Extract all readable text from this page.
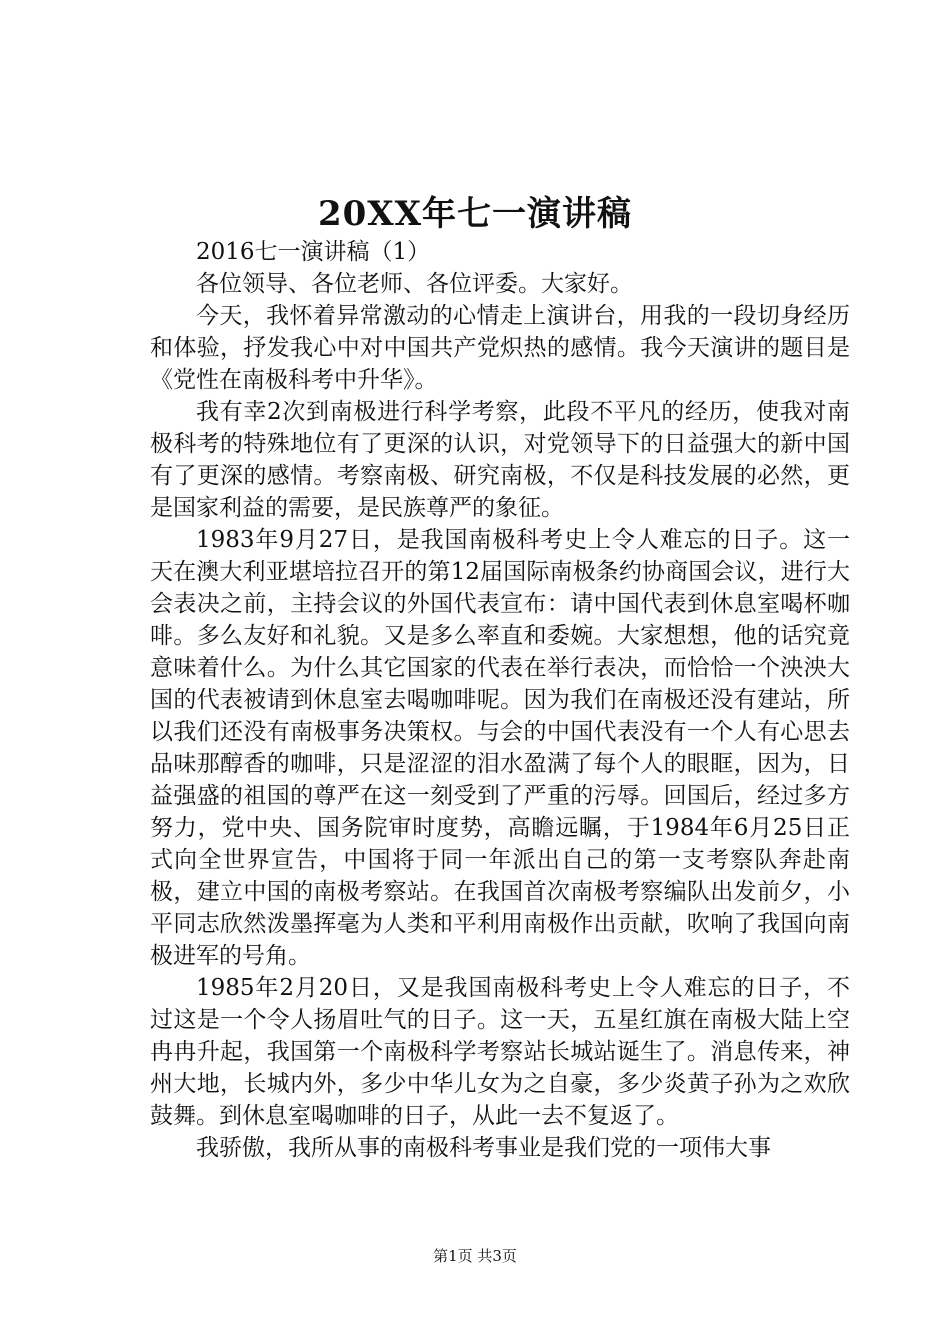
20XX年七一演讲稿

2016七一演讲稿（1）

各位领导、各位老师、各位评委。大家好。

今天，我怀着异常激动的心情走上演讲台，用我的一段切身经历和体验，抒发我心中对中国共产党炽热的感情。我今天演讲的题目是《党性在南极科考中升华》。

我有幸2次到南极进行科学考察，此段不平凡的经历，使我对南极科考的特殊地位有了更深的认识，对党领导下的日益强大的新中国有了更深的感情。考察南极、研究南极，不仅是科技发展的必然，更是国家利益的需要，是民族尊严的象征。

1983年9月27日，是我国南极科考史上令人难忘的日子。这一天在澳大利亚堪培拉召开的第12届国际南极条约协商国会议，进行大会表决之前，主持会议的外国代表宣布：请中国代表到休息室喝杯咖啡。多么友好和礼貌。又是多么率直和委婉。大家想想，他的话究竟意味着什么。为什么其它国家的代表在举行表决，而恰恰一个泱泱大国的代表被请到休息室去喝咖啡呢。因为我们在南极还没有建站，所以我们还没有南极事务决策权。与会的中国代表没有一个人有心思去品味那醇香的咖啡，只是涩涩的泪水盈满了每个人的眼眶，因为，日益强盛的祖国的尊严在这一刻受到了严重的污辱。回国后，经过多方努力，党中央、国务院审时度势，高瞻远瞩，于1984年6月25日正式向全世界宣告，中国将于同一年派出自己的第一支考察队奔赴南极，建立中国的南极考察站。在我国首次南极考察编队出发前夕，小平同志欣然泼墨挥毫为人类和平利用南极作出贡献，吹响了我国向南极进军的号角。

1985年2月20日，又是我国南极科考史上令人难忘的日子，不过这是一个令人扬眉吐气的日子。这一天，五星红旗在南极大陆上空冉冉升起，我国第一个南极科学考察站长城站诞生了。消息传来，神州大地，长城内外，多少中华儿女为之自豪，多少炎黄子孙为之欢欣鼓舞。到休息室喝咖啡的日子，从此一去不复返了。

我骄傲，我所从事的南极科考事业是我们党的一项伟大事

第1页 共3页
